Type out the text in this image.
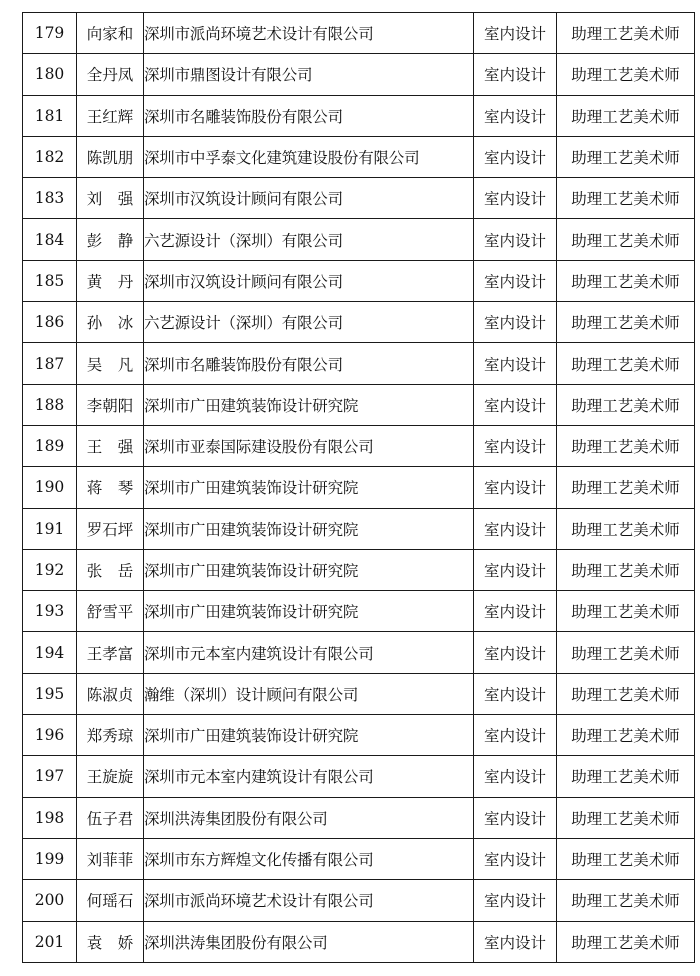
179	向家和	深圳市派尚环境艺术设计有限公司	室内设计	助理工艺美术师
180	全丹凤	深圳市鼎图设计有限公司	室内设计	助理工艺美术师
181	王红辉	深圳市名雕装饰股份有限公司	室内设计	助理工艺美术师
182	陈凯朋	深圳市中孚泰文化建筑建设股份有限公司	室内设计	助理工艺美术师
183	刘　强	深圳市汉筑设计顾问有限公司	室内设计	助理工艺美术师
184	彭　静	六艺源设计（深圳）有限公司	室内设计	助理工艺美术师
185	黄　丹	深圳市汉筑设计顾问有限公司	室内设计	助理工艺美术师
186	孙　冰	六艺源设计（深圳）有限公司	室内设计	助理工艺美术师
187	吴　凡	深圳市名雕装饰股份有限公司	室内设计	助理工艺美术师
188	李朝阳	深圳市广田建筑装饰设计研究院	室内设计	助理工艺美术师
189	王　强	深圳市亚泰国际建设股份有限公司	室内设计	助理工艺美术师
190	蒋　琴	深圳市广田建筑装饰设计研究院	室内设计	助理工艺美术师
191	罗石坪	深圳市广田建筑装饰设计研究院	室内设计	助理工艺美术师
192	张　岳	深圳市广田建筑装饰设计研究院	室内设计	助理工艺美术师
193	舒雪平	深圳市广田建筑装饰设计研究院	室内设计	助理工艺美术师
194	王孝富	深圳市元本室内建筑设计有限公司	室内设计	助理工艺美术师
195	陈淑贞	瀚维（深圳）设计顾问有限公司	室内设计	助理工艺美术师
196	郑秀琼	深圳市广田建筑装饰设计研究院	室内设计	助理工艺美术师
197	王旋旋	深圳市元本室内建筑设计有限公司	室内设计	助理工艺美术师
198	伍子君	深圳洪涛集团股份有限公司	室内设计	助理工艺美术师
199	刘菲菲	深圳市东方辉煌文化传播有限公司	室内设计	助理工艺美术师
200	何瑶石	深圳市派尚环境艺术设计有限公司	室内设计	助理工艺美术师
201	袁　娇	深圳洪涛集团股份有限公司	室内设计	助理工艺美术师
